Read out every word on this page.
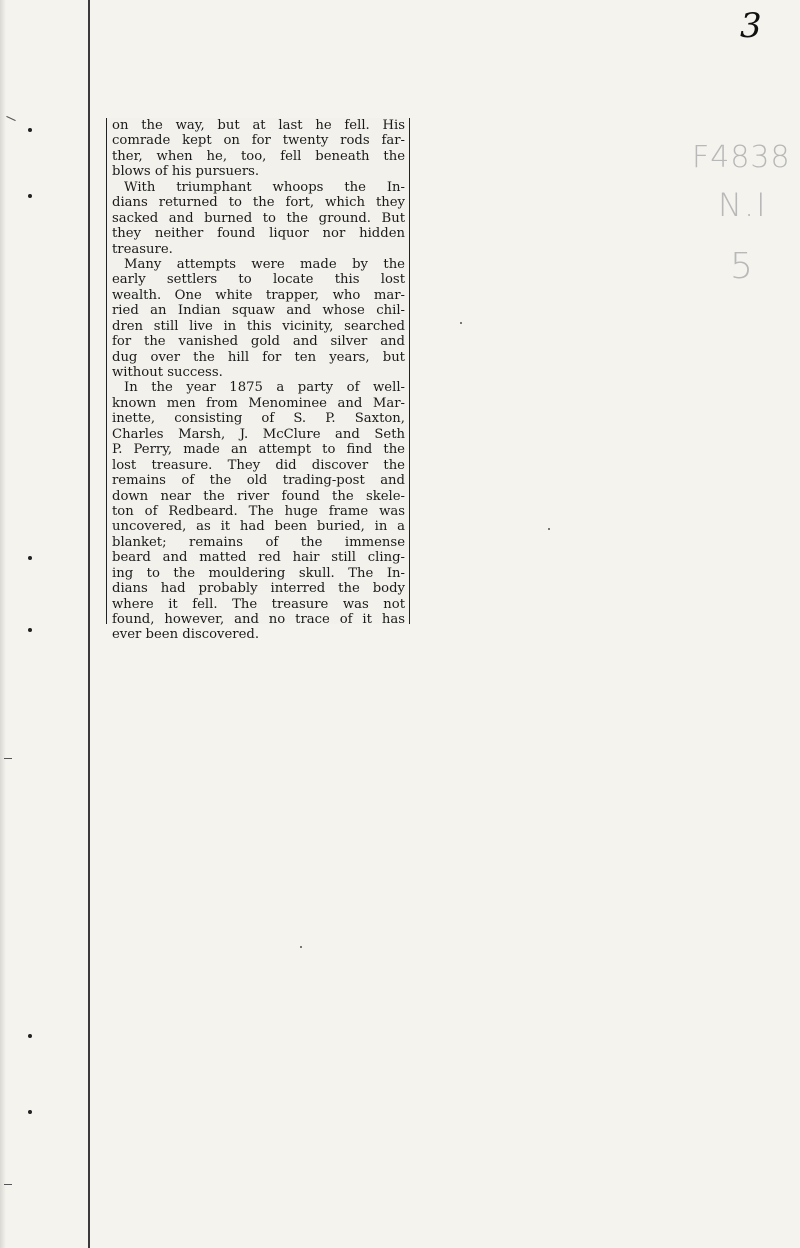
3
F4838
N.I
5
on the way, but at last he fell. His
comrade kept on for twenty rods far-
ther, when he, too, fell beneath the
blows of his pursuers.
With triumphant whoops the In-
dians returned to the fort, which they
sacked and burned to the ground. But
they neither found liquor nor hidden
treasure.
Many attempts were made by the
early settlers to locate this lost
wealth. One white trapper, who mar-
ried an Indian squaw and whose chil-
dren still live in this vicinity, searched
for the vanished gold and silver and
dug over the hill for ten years, but
without success.
In the year 1875 a party of well-
known men from Menominee and Mar-
inette, consisting of S. P. Saxton,
Charles Marsh, J. McClure and Seth
P. Perry, made an attempt to find the
lost treasure. They did discover the
remains of the old trading-post and
down near the river found the skele-
ton of Redbeard. The huge frame was
uncovered, as it had been buried, in a
blanket; remains of the immense
beard and matted red hair still cling-
ing to the mouldering skull. The In-
dians had probably interred the body
where it fell. The treasure was not
found, however, and no trace of it has
ever been discovered.
